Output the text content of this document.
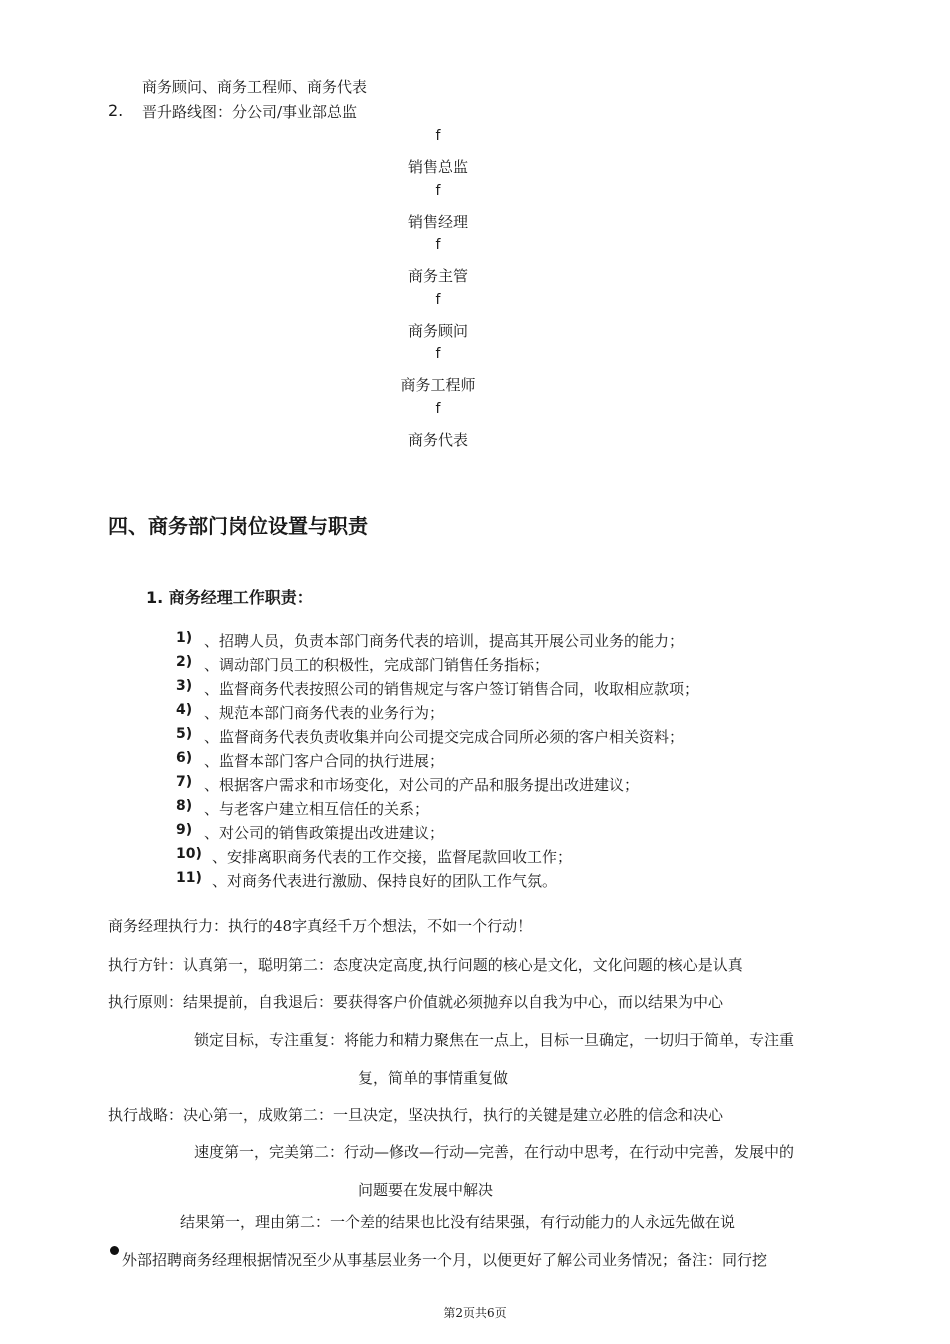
商务顾问、商务工程师、商务代表
2. 晋升路线图：分公司/事业部总监
f
销售总监
f
销售经理
f
商务主管
f
商务顾问
f
商务工程师
f
商务代表
四、商务部门岗位设置与职责
1. 商务经理工作职责：
1) 、招聘人员，负责本部门商务代表的培训，提高其开展公司业务的能力；
2) 、调动部门员工的积极性，完成部门销售任务指标；
3) 、监督商务代表按照公司的销售规定与客户签订销售合同，收取相应款项；
4) 、规范本部门商务代表的业务行为；
5) 、监督商务代表负责收集并向公司提交完成合同所必须的客户相关资料；
6) 、监督本部门客户合同的执行进展；
7) 、根据客户需求和市场变化，对公司的产品和服务提出改进建议；
8) 、与老客户建立相互信任的关系；
9) 、对公司的销售政策提出改进建议；
10) 、安排离职商务代表的工作交接，监督尾款回收工作；
11) 、对商务代表进行激励、保持良好的团队工作气氛。
商务经理执行力：执行的48字真经千万个想法，不如一个行动！
执行方针：认真第一，聪明第二：态度决定高度,执行问题的核心是文化，文化问题的核心是认真
执行原则：结果提前，自我退后：要获得客户价值就必须抛弃以自我为中心，而以结果为中心
锁定目标，专注重复：将能力和精力聚焦在一点上，目标一旦确定，一切归于简单，专注重
复，简单的事情重复做
执行战略：决心第一，成败第二：一旦决定，坚决执行，执行的关键是建立必胜的信念和决心
速度第一，完美第二：行动—修改—行动—完善，在行动中思考，在行动中完善，发展中的
问题要在发展中解决
结果第一，理由第二：一个差的结果也比没有结果强，有行动能力的人永远先做在说
外部招聘商务经理根据情况至少从事基层业务一个月，以便更好了解公司业务情况；备注：同行挖
第2页共6页
